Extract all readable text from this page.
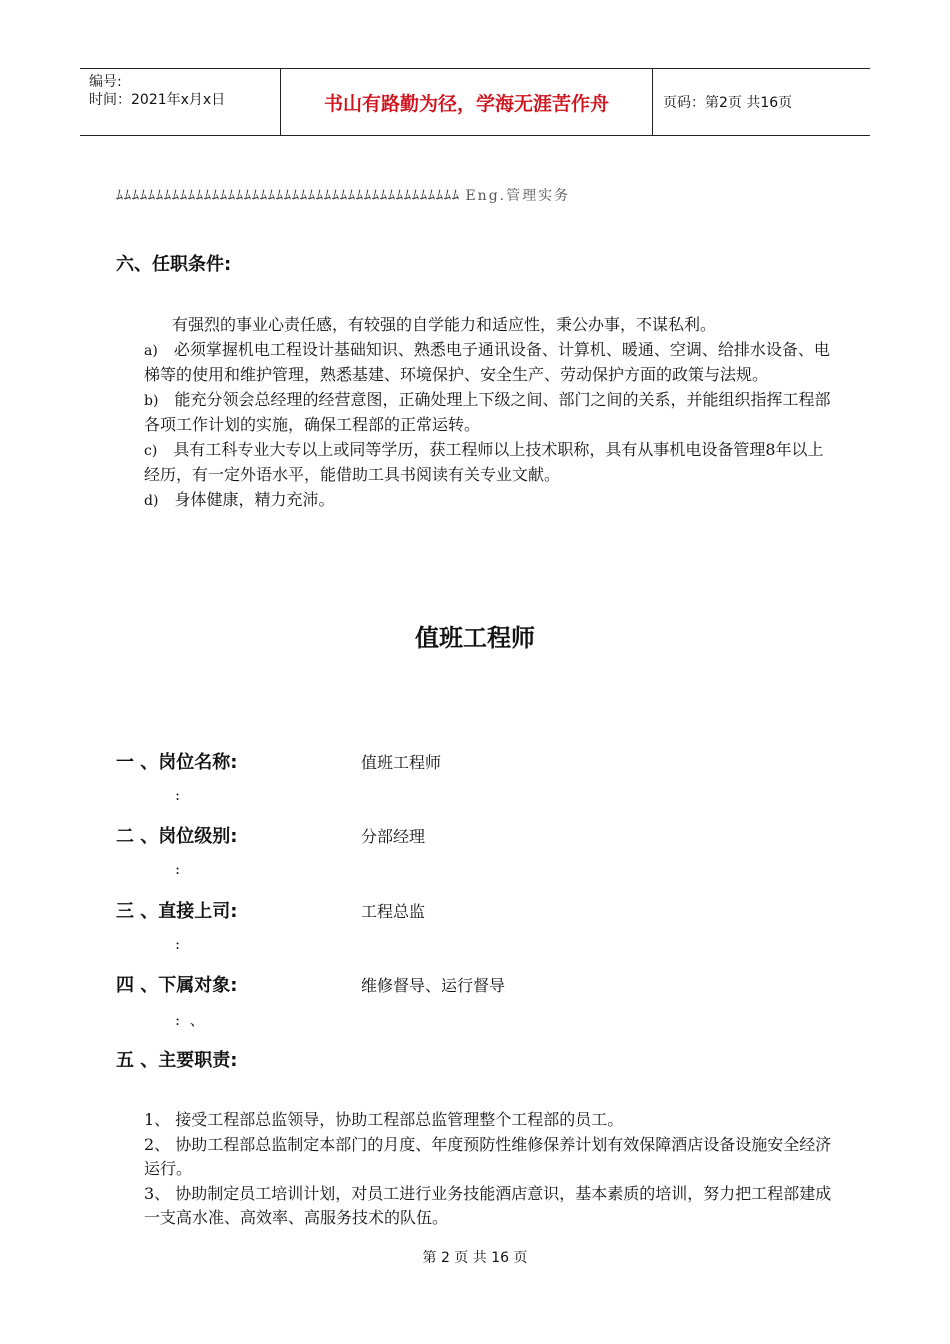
编号:
时间：2021年x月x日	书山有路勤为径，学海无涯苦作舟	页码：第2页 共16页
ﾑﾑﾑﾑﾑﾑﾑﾑﾑﾑﾑﾑﾑﾑﾑﾑﾑﾑﾑﾑﾑﾑﾑﾑﾑﾑﾑﾑﾑﾑﾑﾑﾑﾑﾑﾑﾑﾑﾑﾑﾑﾑﾑ Eng.管理实务
六、任职条件:

有强烈的事业心责任感，有较强的自学能力和适应性，秉公办事，不谋私利。

a)　 必须掌握机电工程设计基础知识、熟悉电子通讯设备、计算机、暖通、空调、给排水设备、电梯等的使用和维护管理，熟悉基建、环境保护、安全生产、劳动保护方面的政策与法规。

b)　 能充分领会总经理的经营意图，正确处理上下级之间、部门之间的关系，并能组织指挥工程部各项工作计划的实施，确保工程部的正常运转。

c)　 具有工科专业大专以上或同等学历，获工程师以上技术职称，具有从事机电设备管理8年以上经历，有一定外语水平，能借助工具书阅读有关专业文献。

d)　 身体健康，精力充沛。

值班工程师
一 、岗位名称:	值班工程师
:
二 、岗位级别:	分部经理
:
三 、直接上司:	工程总监
:
四 、下属对象:	维修督导、运行督导
:  、
五 、主要职责:

1、 接受工程部总监领导，协助工程部总监管理整个工程部的员工。

2、 协助工程部总监制定本部门的月度、年度预防性维修保养计划有效保障酒店设备设施安全经济运行。

3、 协助制定员工培训计划，对员工进行业务技能酒店意识，基本素质的培训，努力把工程部建成一支高水准、高效率、高服务技术的队伍。

第 2 页 共 16 页
